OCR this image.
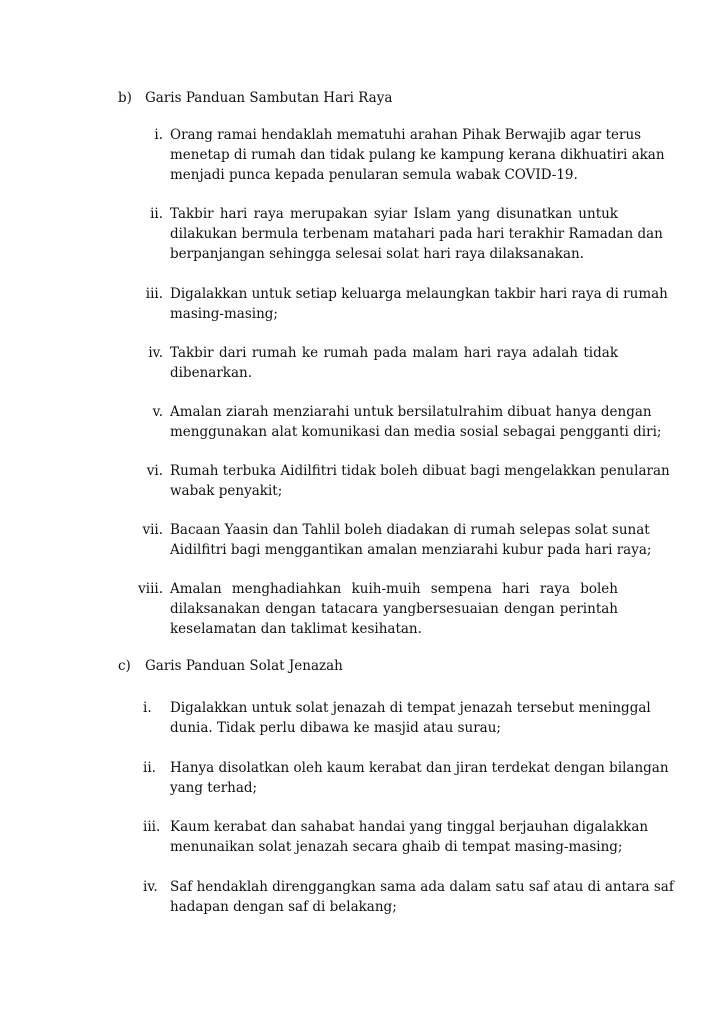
b) Garis Panduan Sambutan Hari Raya
i. Orang ramai hendaklah mematuhi arahan Pihak Berwajib agar terus
menetap di rumah dan tidak pulang ke kampung kerana dikhuatiri akan
menjadi punca kepada penularan semula wabak COVID-19.
ii. Takbir hari raya merupakan syiar Islam yang disunatkan untuk
dilakukan bermula terbenam matahari pada hari terakhir Ramadan dan
berpanjangan sehingga selesai solat hari raya dilaksanakan.
iii. Digalakkan untuk setiap keluarga melaungkan takbir hari raya di rumah
masing-masing;
iv. Takbir dari rumah ke rumah pada malam hari raya adalah tidak
dibenarkan.
v. Amalan ziarah menziarahi untuk bersilatulrahim dibuat hanya dengan
menggunakan alat komunikasi dan media sosial sebagai pengganti diri;
vi. Rumah terbuka Aidilfitri tidak boleh dibuat bagi mengelakkan penularan
wabak penyakit;
vii. Bacaan Yaasin dan Tahlil boleh diadakan di rumah selepas solat sunat
Aidilfitri bagi menggantikan amalan menziarahi kubur pada hari raya;
viii. Amalan menghadiahkan kuih-muih sempena hari raya boleh
dilaksanakan dengan tatacara yangbersesuaian dengan perintah
keselamatan dan taklimat kesihatan.
c) Garis Panduan Solat Jenazah
i.	Digalakkan untuk solat jenazah di tempat jenazah tersebut meninggal
dunia. Tidak perlu dibawa ke masjid atau surau;
ii.	Hanya disolatkan oleh kaum kerabat dan jiran terdekat dengan bilangan
yang terhad;
iii. Kaum kerabat dan sahabat handai yang tinggal berjauhan digalakkan
menunaikan solat jenazah secara ghaib di tempat masing-masing;
iv. Saf hendaklah direnggangkan sama ada dalam satu saf atau di antara saf
hadapan dengan saf di belakang;
